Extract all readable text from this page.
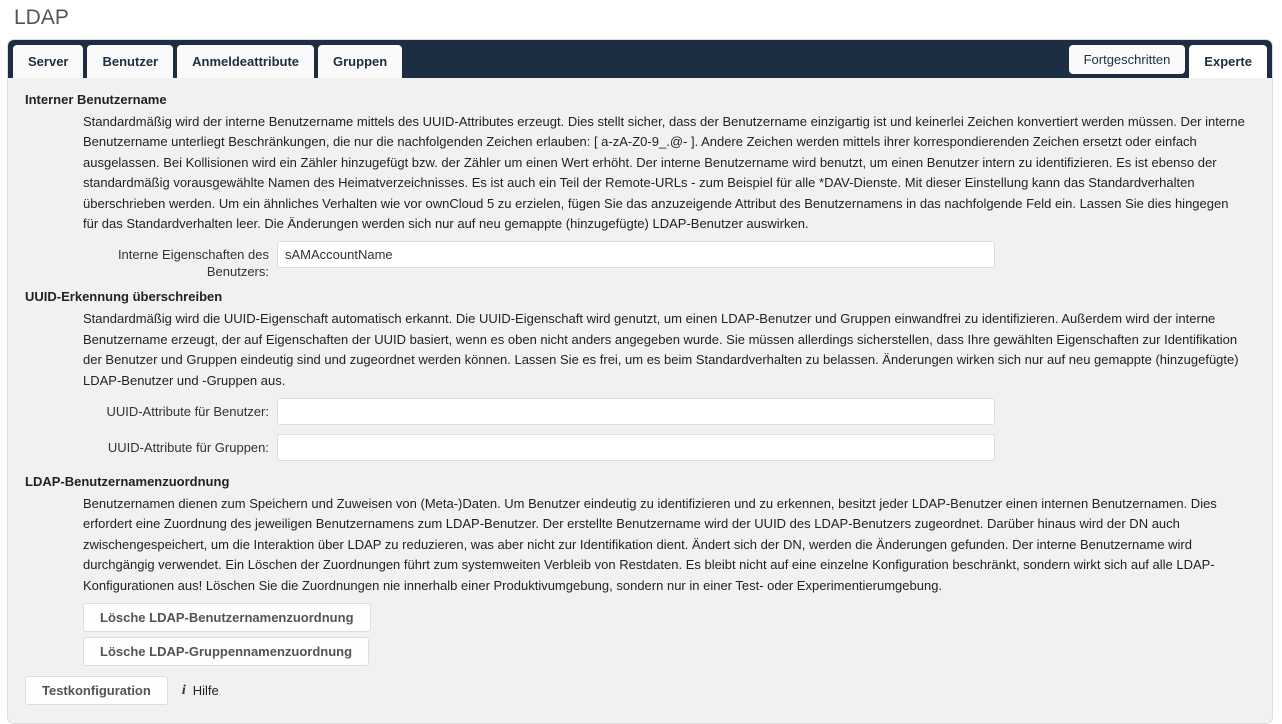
LDAP
Server	Benutzer	Anmeldeattribute	Gruppen	Fortgeschritten	Experte
Interner Benutzername

Standardmäßig wird der interne Benutzername mittels des UUID-Attributes erzeugt. Dies stellt sicher, dass der Benutzername einzigartig ist und keinerlei Zeichen konvertiert werden müssen. Der interne Benutzername unterliegt Beschränkungen, die nur die nachfolgenden Zeichen erlauben: [ a-zA-Z0-9_.@- ]. Andere Zeichen werden mittels ihrer korrespondierenden Zeichen ersetzt oder einfach ausgelassen. Bei Kollisionen wird ein Zähler hinzugefügt bzw. der Zähler um einen Wert erhöht. Der interne Benutzername wird benutzt, um einen Benutzer intern zu identifizieren. Es ist ebenso der standardmäßig vorausgewählte Namen des Heimatverzeichnisses. Es ist auch ein Teil der Remote-URLs - zum Beispiel für alle *DAV-Dienste. Mit dieser Einstellung kann das Standardverhalten überschrieben werden. Um ein ähnliches Verhalten wie vor ownCloud 5 zu erzielen, fügen Sie das anzuzeigende Attribut des Benutzernamens in das nachfolgende Feld ein. Lassen Sie dies hingegen für das Standardverhalten leer. Die Änderungen werden sich nur auf neu gemappte (hinzugefügte) LDAP-Benutzer auswirken.

Interne Eigenschaften des Benutzers:
sAMAccountName
UUID-Erkennung überschreiben

Standardmäßig wird die UUID-Eigenschaft automatisch erkannt. Die UUID-Eigenschaft wird genutzt, um einen LDAP-Benutzer und Gruppen einwandfrei zu identifizieren. Außerdem wird der interne Benutzername erzeugt, der auf Eigenschaften der UUID basiert, wenn es oben nicht anders angegeben wurde. Sie müssen allerdings sicherstellen, dass Ihre gewählten Eigenschaften zur Identifikation der Benutzer und Gruppen eindeutig sind und zugeordnet werden können. Lassen Sie es frei, um es beim Standardverhalten zu belassen. Änderungen wirken sich nur auf neu gemappte (hinzugefügte) LDAP-Benutzer und -Gruppen aus.

UUID-Attribute für Benutzer:
UUID-Attribute für Gruppen:
LDAP-Benutzernamenzuordnung

Benutzernamen dienen zum Speichern und Zuweisen von (Meta-)Daten. Um Benutzer eindeutig zu identifizieren und zu erkennen, besitzt jeder LDAP-Benutzer einen internen Benutzernamen. Dies erfordert eine Zuordnung des jeweiligen Benutzernamens zum LDAP-Benutzer. Der erstellte Benutzername wird der UUID des LDAP-Benutzers zugeordnet. Darüber hinaus wird der DN auch zwischengespeichert, um die Interaktion über LDAP zu reduzieren, was aber nicht zur Identifikation dient. Ändert sich der DN, werden die Änderungen gefunden. Der interne Benutzername wird durchgängig verwendet. Ein Löschen der Zuordnungen führt zum systemweiten Verbleib von Restdaten. Es bleibt nicht auf eine einzelne Konfiguration beschränkt, sondern wirkt sich auf alle LDAP-Konfigurationen aus! Löschen Sie die Zuordnungen nie innerhalb einer Produktivumgebung, sondern nur in einer Test- oder Experimentierumgebung.

Lösche LDAP-Benutzernamenzuordnung
Lösche LDAP-Gruppennamenzuordnung
Testkonfiguration	i Hilfe
